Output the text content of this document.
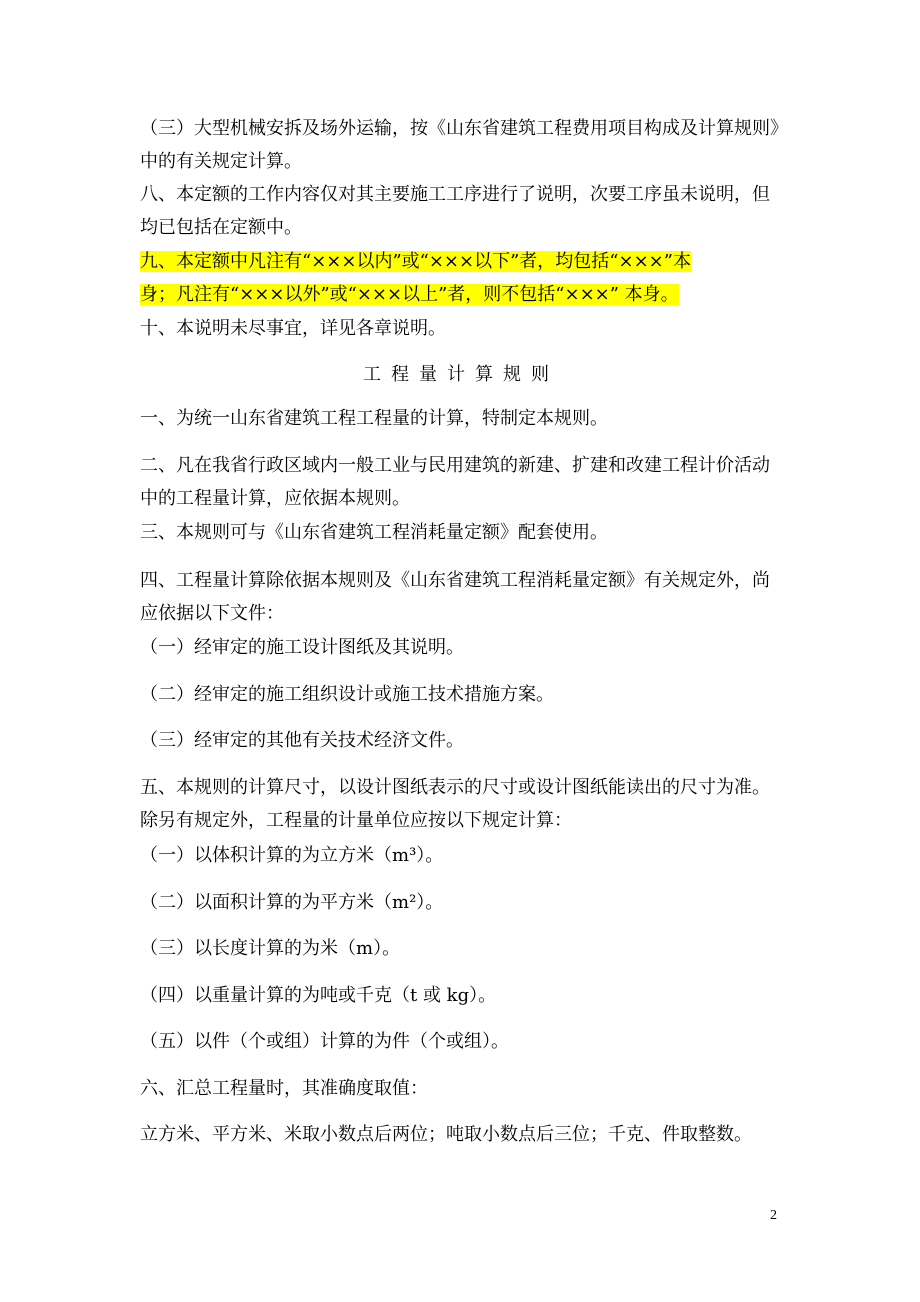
（三）大型机械安拆及场外运输，按《山东省建筑工程费用项目构成及计算规则》
中的有关规定计算。

八、本定额的工作内容仅对其主要施工工序进行了说明，次要工序虽未说明，但
均已包括在定额中。

九、本定额中凡注有“×××以内”或“×××以下”者，均包括“×××”本
身；凡注有“×××以外”或“×××以上”者，则不包括“×××” 本身。

十、本说明未尽事宜，详见各章说明。

工程量计算规则

一、为统一山东省建筑工程工程量的计算，特制定本规则。

二、凡在我省行政区域内一般工业与民用建筑的新建、扩建和改建工程计价活动
中的工程量计算，应依据本规则。

三、本规则可与《山东省建筑工程消耗量定额》配套使用。

四、工程量计算除依据本规则及《山东省建筑工程消耗量定额》有关规定外，尚
应依据以下文件：

（一）经审定的施工设计图纸及其说明。

（二）经审定的施工组织设计或施工技术措施方案。

（三）经审定的其他有关技术经济文件。

五、本规则的计算尺寸，以设计图纸表示的尺寸或设计图纸能读出的尺寸为准。
除另有规定外，工程量的计量单位应按以下规定计算：

（一）以体积计算的为立方米（m³）。

（二）以面积计算的为平方米（m²）。

（三）以长度计算的为米（m）。

（四）以重量计算的为吨或千克（t 或 kg）。

（五）以件（个或组）计算的为件（个或组）。

六、汇总工程量时，其准确度取值：

立方米、平方米、米取小数点后两位；吨取小数点后三位；千克、件取整数。

2
